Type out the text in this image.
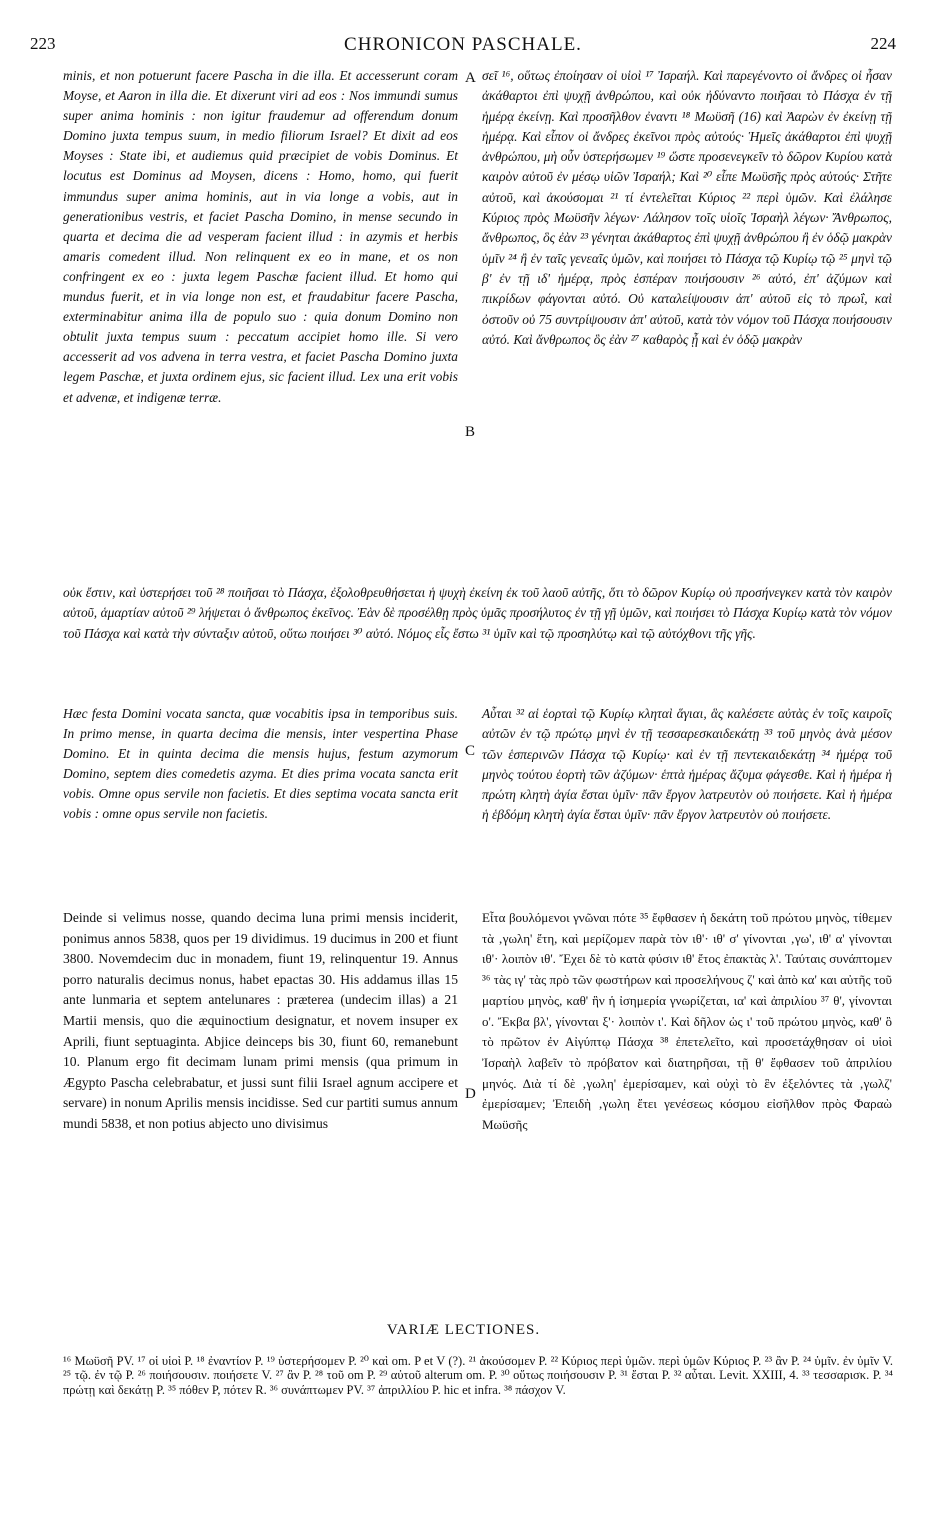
223	CHRONICON PASCHALE.	224

minis, et non potuerunt facere Pascha in die illa. Et accesserunt coram Moyse, et Aaron in illa die. Et dixerunt viri ad eos : Nos immundi sumus super anima hominis : non igitur fraudemur ad offerendum donum Domino juxta tempus suum, in medio filiorum Israel? Et dixit ad eos Moyses : State ibi, et audiemus quid præcipiet de vobis Dominus. Et locutus est Dominus ad Moysen, dicens : Homo, homo, qui fuerit immundus super anima hominis, aut in via longe a vobis, aut in generationibus vestris, et faciet Pascha Domino, in mense secundo in quarta et decima die ad vesperam facient illud : in azymis et herbis amaris comedent illud. Non relinquent ex eo in mane, et os non confringent ex eo : juxta legem Paschæ facient illud. Et homo qui mundus fuerit, et in via longe non est, et fraudabitur facere Pascha, exterminabitur anima illa de populo suo : quia donum Domino non obtulit juxta tempus suum : peccatum accipiet homo ille. Si vero accesserit ad vos advena in terra vestra, et faciet Pascha Domino juxta legem Paschæ, et juxta ordinem ejus, sic facient illud. Lex una erit vobis et advenæ, et indigenæ terræ.

σεῖ ¹⁶, οὕτως ἐποίησαν οἱ υἱοὶ ¹⁷ Ἰσραήλ. Καὶ παρεγένοντο οἱ ἄνδρες οἱ ἦσαν ἀκάθαρτοι ἐπὶ ψυχῇ ἀνθρώπου, καὶ οὐκ ἠδύναντο ποιῆσαι τὸ Πάσχα ἐν τῇ ἡμέρᾳ ἐκείνῃ. Καὶ προσῆλθον ἐναντι ¹⁸ Μωϋσῆ (16) καὶ Ἀαρὼν ἐν ἐκείνῃ τῇ ἡμέρᾳ. Καὶ εἶπον οἱ ἄνδρες ἐκεῖνοι πρὸς αὐτούς· Ἡμεῖς ἀκάθαρτοι ἐπὶ ψυχῇ ἀνθρώπου, μὴ οὖν ὑστερήσωμεν ¹⁹ ὥστε προσενεγκεῖν τὸ δῶρον Κυρίου κατὰ καιρὸν αὐτοῦ ἐν μέσῳ υἱῶν Ἰσραήλ; Καὶ ²⁰ εἶπε Μωϋσῆς πρὸς αὐτούς· Στῆτε αὐτοῦ, καὶ ἀκούσομαι ²¹ τί ἐντελεῖται Κύριος ²² περὶ ὑμῶν. Καὶ ἐλάλησε Κύριος πρὸς Μωϋσῆν λέγων· Λάλησον τοῖς υἱοῖς Ἰσραὴλ λέγων· Ἄνθρωπος, ἄνθρωπος, ὃς ἐὰν ²³ γένηται ἀκάθαρτος ἐπὶ ψυχῇ ἀνθρώπου ἢ ἐν ὁδῷ μακρὰν ὑμῖν ²⁴ ἢ ἐν ταῖς γενεαῖς ὑμῶν, καὶ ποιήσει τὸ Πάσχα τῷ Κυρίῳ τῷ ²⁵ μηνὶ τῷ β' ἐν τῇ ιδ' ἡμέρᾳ, πρὸς ἑσπέραν ποιήσουσιν ²⁶ αὐτό, ἐπ' ἀζύμων καὶ πικρίδων φάγονται αὐτό. Οὐ καταλείψουσιν ἀπ' αὐτοῦ εἰς τὸ πρωΐ, καὶ ὀστοῦν οὐ 75 συντρίψουσιν ἀπ' αὐτοῦ, κατὰ τὸν νόμον τοῦ Πάσχα ποιήσουσιν αὐτό. Καὶ ἄνθρωπος ὃς ἐὰν ²⁷ καθαρὸς ᾖ καὶ ἐν ὁδῷ μακρὰν

οὐκ ἔστιν, καὶ ὑστερήσει τοῦ ²⁸ ποιῆσαι τὸ Πάσχα, ἐξολοθρευθήσεται ἡ ψυχὴ ἐκείνη ἐκ τοῦ λαοῦ αὐτῆς, ὅτι τὸ δῶρον Κυρίῳ οὐ προσήνεγκεν κατὰ τὸν καιρὸν αὐτοῦ, ἁμαρτίαν αὐτοῦ ²⁹ λήψεται ὁ ἄνθρωπος ἐκεῖνος. Ἐὰν δὲ προσέλθῃ πρὸς ὑμᾶς προσήλυτος ἐν τῇ γῇ ὑμῶν, καὶ ποιήσει τὸ Πάσχα Κυρίῳ κατὰ τὸν νόμον τοῦ Πάσχα καὶ κατὰ τὴν σύνταξιν αὐτοῦ, οὕτω ποιήσει ³⁰ αὐτό. Νόμος εἷς ἔστω ³¹ ὑμῖν καὶ τῷ προσηλύτῳ καὶ τῷ αὐτόχθονι τῆς γῆς.

Hæc festa Domini vocata sancta, quæ vocabitis ipsa in temporibus suis. In primo mense, in quarta decima die mensis, inter vespertina Phase Domino. Et in quinta decima die mensis hujus, festum azymorum Domino, septem dies comedetis azyma. Et dies prima vocata sancta erit vobis. Omne opus servile non facietis. Et dies septima vocata sancta erit vobis : omne opus servile non facietis.

Αὗται ³² αἱ ἑορταὶ τῷ Κυρίῳ κληταὶ ἅγιαι, ἃς καλέσετε αὐτὰς ἐν τοῖς καιροῖς αὐτῶν ἐν τῷ πρώτῳ μηνὶ ἐν τῇ τεσσαρεσκαιδεκάτῃ ³³ τοῦ μηνὸς ἀνὰ μέσον τῶν ἑσπερινῶν Πάσχα τῷ Κυρίῳ· καὶ ἐν τῇ πεντεκαιδεκάτῃ ³⁴ ἡμέρᾳ τοῦ μηνὸς τούτου ἑορτὴ τῶν ἀζύμων· ἑπτὰ ἡμέρας ἄζυμα φάγεσθε. Καὶ ἡ ἡμέρα ἡ πρώτη κλητὴ ἁγία ἔσται ὑμῖν· πᾶν ἔργον λατρευτὸν οὐ ποιήσετε. Καὶ ἡ ἡμέρα ἡ ἑβδόμη κλητὴ ἁγία ἔσται ὑμῖν· πᾶν ἔργον λατρευτὸν οὐ ποιήσετε.

Deinde si velimus nosse, quando decima luna primi mensis inciderit, ponimus annos 5838, quos per 19 dividimus. 19 ducimus in 200 et fiunt 3800. Novemdecim duc in monadem, fiunt 19, relinquentur 19. Annus porro naturalis decimus nonus, habet epactas 30. His addamus illas 15 ante lunmaria et septem antelunares : præterea (undecim illas) a 21 Martii mensis, quo die æquinoctium designatur, et novem insuper ex Aprili, fiunt septuaginta. Abjice deinceps bis 30, fiunt 60, remanebunt 10. Planum ergo fit decimam lunam primi mensis (qua primum in Ægypto Pascha celebrabatur, et jussi sunt filii Israel agnum accipere et servare) in nonum Aprilis mensis incidisse. Sed cur partiti sumus annum mundi 5838, et non potius abjecto uno divisimus

Εἶτα βουλόμενοι γνῶναι πότε ³⁵ ἔφθασεν ἡ δεκάτη τοῦ πρώτου μηνὸς, τίθεμεν τὰ ‚γωλη' ἔτη, καὶ μερίζομεν παρὰ τὸν ιθ'· ιθ' σ' γίνονται ‚γω', ιθ' α' γίνονται ιθ'· λοιπὸν ιθ'. Ἔχει δὲ τὸ κατὰ φύσιν ιθ' ἔτος ἐπακτὰς λ'. Ταύταις συνάπτομεν ³⁶ τὰς ιγ' τὰς πρὸ τῶν φωστήρων καὶ προσελήνους ζ' καὶ ἀπὸ κα' και αὐτῆς τοῦ μαρτίου μηνὸς, καθ' ἣν ἡ ἰσημερία γνωρίζεται, ια' καὶ ἀπριλίου ³⁷ θ', γίνονται ο'. Ἔκβα βλ', γίνονται ξ'· λοιπὸν ι'. Καὶ δῆλον ὡς ι' τοῦ πρώτου μηνὸς, καθ' ὃ τὸ πρῶτον ἐν Αἰγύπτῳ Πάσχα ³⁸ ἐπετελεῖτο, καὶ προσετάχθησαν οἱ υἱοὶ Ἰσραὴλ λαβεῖν τὸ πρόβατον καὶ διατηρῆσαι, τῇ θ' ἔφθασεν τοῦ ἀπριλίου μηνός. Διὰ τί δὲ ‚γωλη' ἐμερίσαμεν, καὶ οὐχὶ τὸ ἓν ἐξελόντες τὰ ‚γωλζ' ἐμερίσαμεν; Ἐπειδὴ ‚γωλη ἔτει γενέσεως κόσμου εἰσῆλθον πρὸς Φαραὼ Μωϋσῆς

A
B
C
D
VARIÆ LECTIONES.

¹⁶ Μωϋσῆ PV. ¹⁷ οἱ υἱοὶ P. ¹⁸ ἐναντίον P. ¹⁹ ὑστερήσομεν P. ²⁰ καὶ om. P et V (?). ²¹ ἀκούσομεν P. ²² Κύριος περὶ ὑμῶν. περὶ ὑμῶν Κύριος P. ²³ ἂν P. ²⁴ ὑμῖν. ἐν ὑμῖν V. ²⁵ τῷ. ἐν τῷ P. ²⁶ ποιήσουσιν. ποιήσετε V. ²⁷ ἂν P. ²⁸ τοῦ om P. ²⁹ αὐτοῦ alterum om. P. ³⁰ οὕτως ποιήσουσιν P. ³¹ ἔσται P. ³² αὗται. Levit. XXIII, 4. ³³ τεσσαρισκ. P. ³⁴ πρώτῃ καὶ δεκάτῃ P. ³⁵ πόθεν P, πότεν R. ³⁶ συνάπτωμεν PV. ³⁷ ἀπριλλίου P. hic et infra. ³⁸ πάσχον V.
